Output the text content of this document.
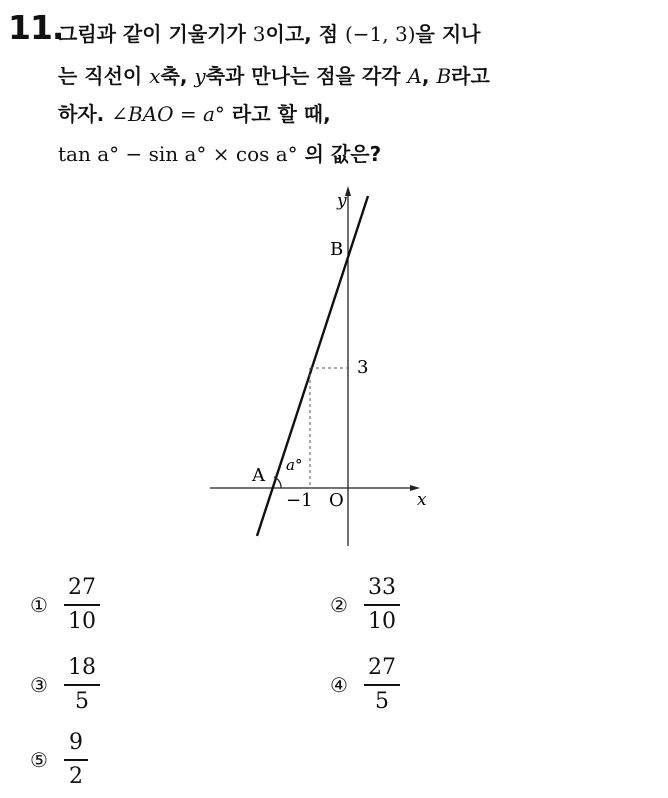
11.
그림과 같이 기울기가 3이고, 점 (−1, 3)을 지나
는 직선이 x축, y축과 만나는 점을 각각 A, B라고
하자. ∠BAO = a° 라고 할 때,
tan a° − sin a° × cos a° 의 값은?
y
x
B
A
O
3
−1
a°
① $\frac{27}{10}$	② $\frac{33}{10}$
③ $\frac{18}{5}$	④ $\frac{27}{5}$
⑤ $\frac{9}{2}$
